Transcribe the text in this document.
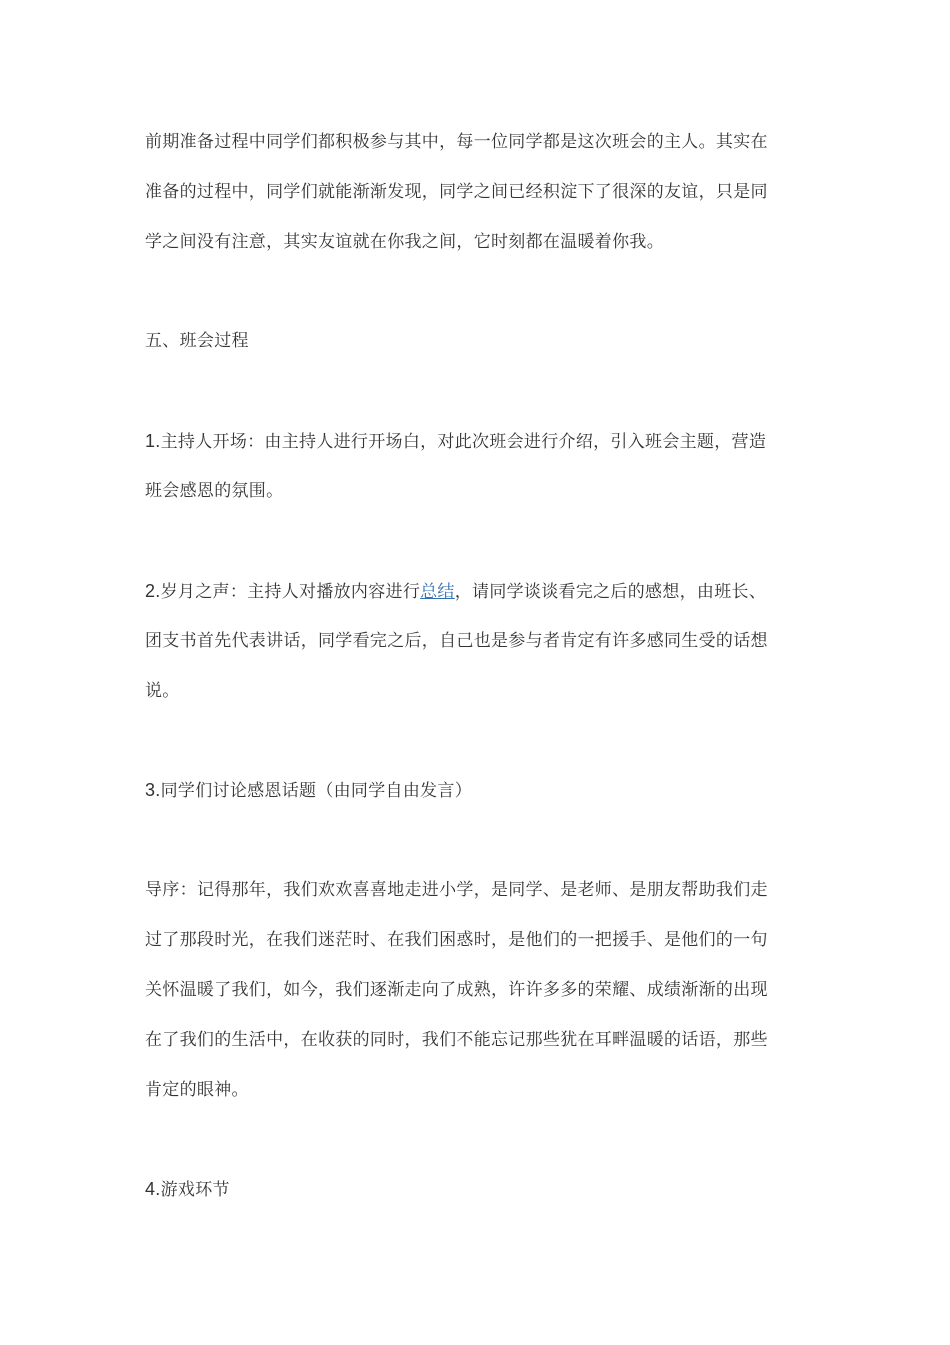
前期准备过程中同学们都积极参与其中，每一位同学都是这次班会的主人。其实在
准备的过程中，同学们就能渐渐发现，同学之间已经积淀下了很深的友谊，只是同
学之间没有注意，其实友谊就在你我之间，它时刻都在温暖着你我。
五、班会过程
1.主持人开场：由主持人进行开场白，对此次班会进行介绍，引入班会主题，营造
班会感恩的氛围。
2.岁月之声：主持人对播放内容进行总结，请同学谈谈看完之后的感想，由班长、
团支书首先代表讲话，同学看完之后，自己也是参与者肯定有许多感同生受的话想
说。
3.同学们讨论感恩话题（由同学自由发言）
导序：记得那年，我们欢欢喜喜地走进小学，是同学、是老师、是朋友帮助我们走
过了那段时光，在我们迷茫时、在我们困惑时，是他们的一把援手、是他们的一句
关怀温暖了我们，如今，我们逐渐走向了成熟，许许多多的荣耀、成绩渐渐的出现
在了我们的生活中，在收获的同时，我们不能忘记那些犹在耳畔温暖的话语，那些
肯定的眼神。
4.游戏环节
